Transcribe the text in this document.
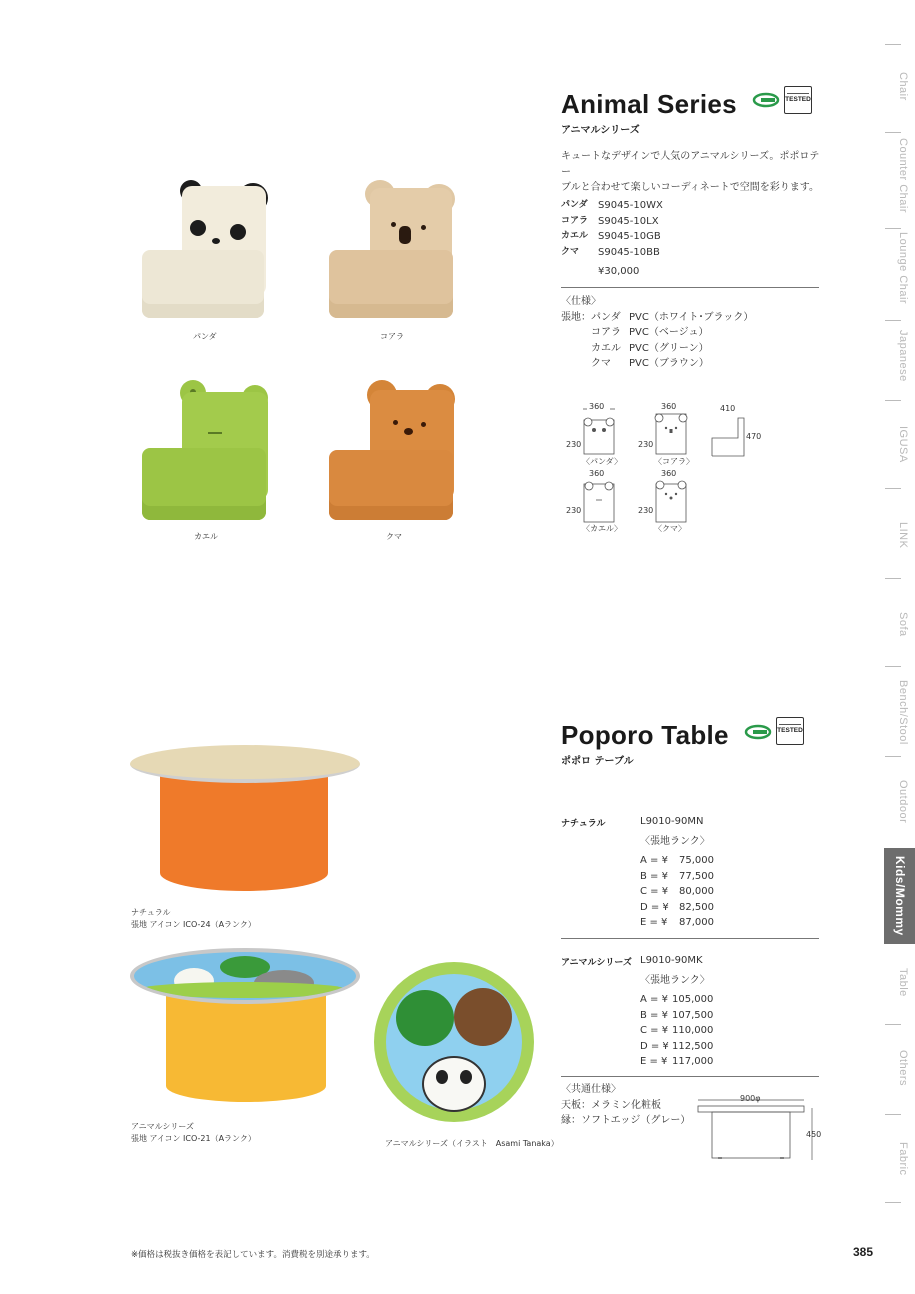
Chair
Counter Chair
Lounge Chair
Japanese
IGUSA
LINK
Sofa
Bench/Stool
Outdoor
Kids/Mommy
Table
Others
Fabric
Animal Series
アニマルシリーズ
TESTED
キュートなデザインで人気のアニマルシリーズ。ポポロテー
ブルと合わせて楽しいコーディネートで空間を彩ります。
パンダ	S9045-10WX
コアラ S9045-10LX
カエル S9045-10GB
クマ	S9045-10BB
¥30,000
〈仕様〉
張地： パンダ PVC（ホワイト･ブラック）
コアラ PVC（ベージュ）
カエル PVC（グリーン）
クマ	PVC（ブラウン）
360
230
〈パンダ〉
360
230
〈コアラ〉
410
470
360
230
〈カエル〉
360
230
〈クマ〉
パンダ	コアラ
カエル	クマ
Poporo Table
ポポロ テーブル
TESTED
ナチュラル	L9010-90MN
〈張地ランク〉
A = ¥	75,000
B = ¥	77,500
C = ¥	80,000
D = ¥	82,500
E = ¥	87,000
アニマルシリーズ L9010-90MK
〈張地ランク〉
A = ¥ 105,000
B = ¥ 107,500
C = ¥ 110,000
D = ¥ 112,500
E = ¥ 117,000
〈共通仕様〉
天板：メラミン化粧板
縁：ソフトエッジ（グレー）
900φ
450
ナチュラル
張地 アイコン ICO-24（Aランク）
アニマルシリーズ
張地 アイコン ICO-21（Aランク）
アニマルシリーズ（イラスト　Asami Tanaka）
※価格は税抜き価格を表記しています。消費税を別途承ります。	385
